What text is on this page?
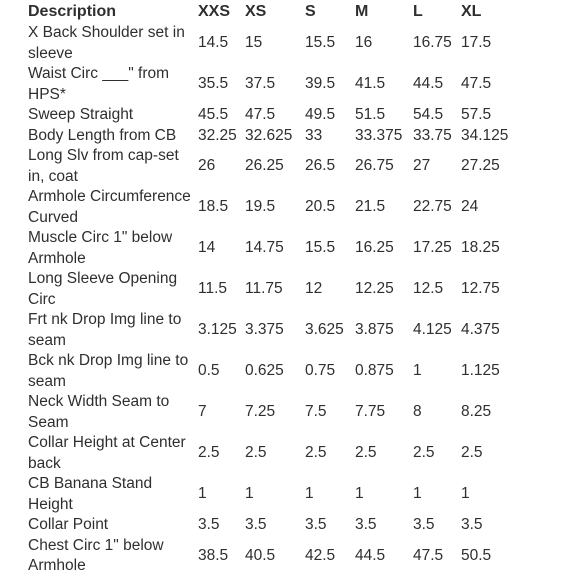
Description	XXS	XS	S	M	L	XL
X Back Shoulder set in sleeve	14.5	15	15.5	16	16.75	17.5
Waist Circ ___" from HPS*	35.5	37.5	39.5	41.5	44.5	47.5
Sweep Straight	45.5	47.5	49.5	51.5	54.5	57.5
Body Length from CB	32.25	32.625	33	33.375	33.75	34.125
Long Slv from cap-set in, coat	26	26.25	26.5	26.75	27	27.25
Armhole Circumference Curved	18.5	19.5	20.5	21.5	22.75	24
Muscle Circ 1" below Armhole	14	14.75	15.5	16.25	17.25	18.25
Long Sleeve Opening Circ	11.5	11.75	12	12.25	12.5	12.75
Frt nk Drop Img line to seam	3.125	3.375	3.625	3.875	4.125	4.375
Bck nk Drop Img line to seam	0.5	0.625	0.75	0.875	1	1.125
Neck Width Seam to Seam	7	7.25	7.5	7.75	8	8.25
Collar Height at Center back	2.5	2.5	2.5	2.5	2.5	2.5
CB Banana Stand Height	1	1	1	1	1	1
Collar Point	3.5	3.5	3.5	3.5	3.5	3.5
Chest Circ 1" below Armhole	38.5	40.5	42.5	44.5	47.5	50.5
